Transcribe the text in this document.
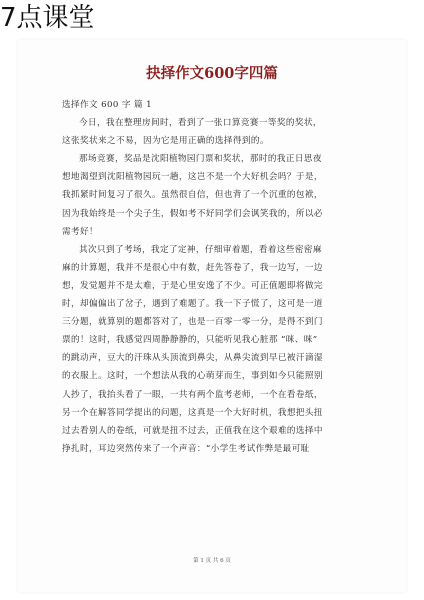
7点课堂
抉择作文600字四篇

选择作文 600 字 篇 1

今日，我在整理房间时，看到了一张口算竞赛一等奖的奖状，

这张奖状来之不易，因为它是用正确的选择得到的。

那场竞赛，奖品是沈阳植物园门票和奖状，那时的我正日思夜

想地渴望到沈阳植物园玩一趟，这岂不是一个大好机会吗？于是，

我抓紧时间复习了很久。虽然很自信，但也背了一个沉重的包袱，

因为我始终是一个尖子生，假如考不好同学们会讽笑我的，所以必

需考好！

其次只到了考场，我定了定神，仔细审着题，看着这些密密麻

麻的计算题，我并不是很心中有数，赶先答卷了，我一边写，一边

想，发觉题并不是太难，于是心里安逸了不少。可正值题即将做完

时，却偏偏出了岔子，遇到了难题了。我一下子慌了，这可是一道

三分题，就算别的题都答对了，也是一百零一零一分，是得不到门

票的！这时，我感觉四周静静静的，只能听见我心脏那 “咪、咪”

的跳动声，豆大的汗珠从头顶流到鼻尖，从鼻尖流到早已被汗滴湿

的衣服上。这时，一个想法从我的心萌芽而生，事到如今只能照别

人抄了，我抬头看了一眼，一共有两个监考老师，一个在看卷纸，

另一个在解答同学提出的问题，这真是一个大好时机，我想把头扭

过去看别人的卷纸，可就是扭不过去，正值我在这个艰难的选择中

挣扎时，耳边突然传来了一个声音：“小学生考试作弊是最可耻

第 1 页 共 6 页
